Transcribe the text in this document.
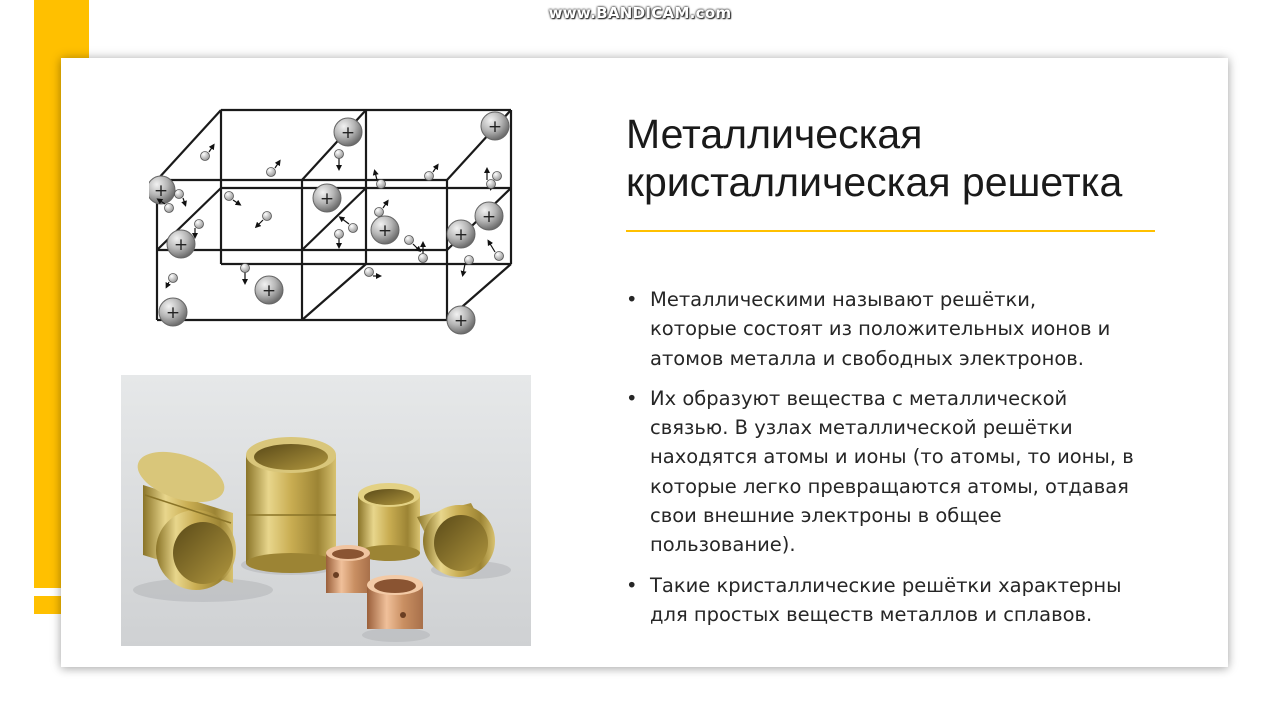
www.BANDICAM.com
+
+
+
+
+
+
+	+
+
+
+
Металлическая
кристаллическая решетка
• Металлическими называют решётки,
которые состоят из положительных ионов и
атомов металла и свободных электронов.
• Их образуют вещества с металлической
связью. В узлах металлической решётки
находятся атомы и ионы (то атомы, то ионы, в
которые легко превращаются атомы, отдавая
свои внешние электроны в общее
пользование).
• Такие кристаллические решётки характерны
для простых веществ металлов и сплавов.
